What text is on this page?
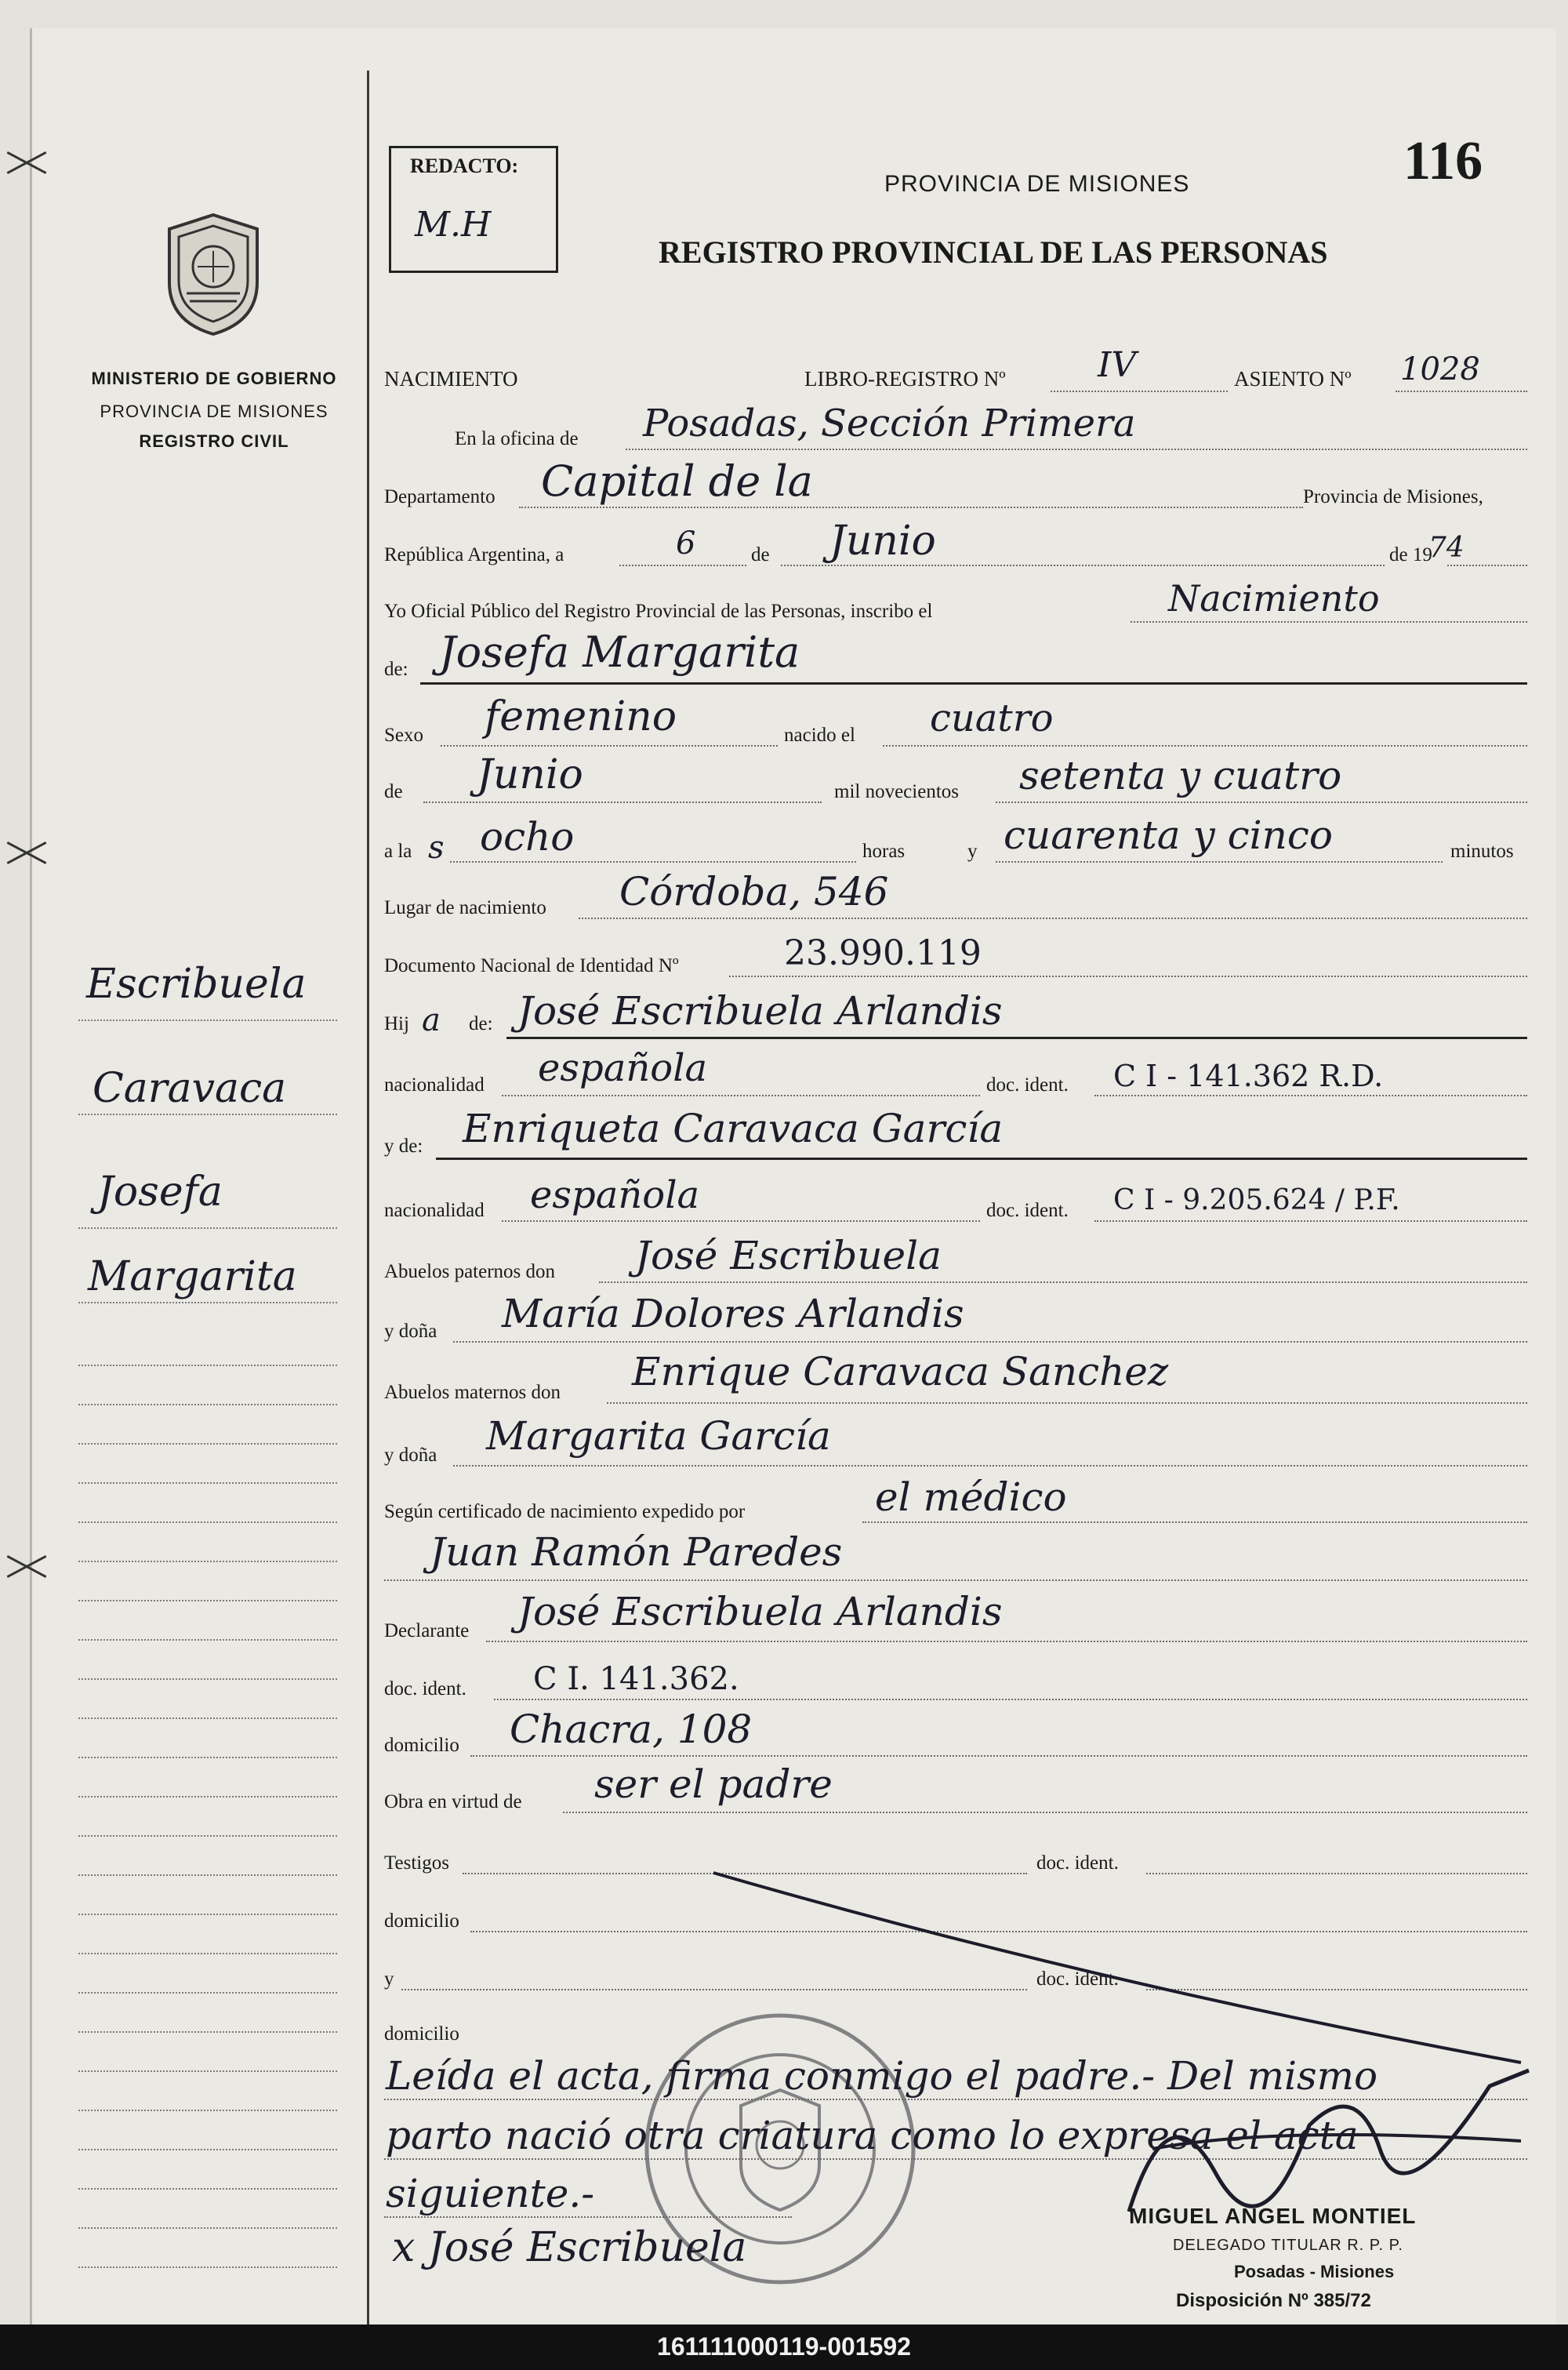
MINISTERIO DE GOBIERNO
PROVINCIA DE MISIONES
REGISTRO CIVIL
Escribuela
Caravaca
Josefa
Margarita
REDACTO:
M.H
PROVINCIA DE MISIONES
REGISTRO PROVINCIAL DE LAS PERSONAS
116
NACIMIENTO	LIBRO-REGISTRO Nº	IV	ASIENTO Nº 1028
En la oficina de Posadas, Sección Primera
Departamento Capital de la	Provincia de Misiones,
República Argentina, a	6	de Junio	de 19
74
Yo Oficial Público del Registro Provincial de las Personas, inscribo el	Nacimiento
de: Josefa Margarita
Sexo femenino	nacido el cuatro
de Junio	mil novecientos setenta y cuatro
a la s ocho	horas	y cuarenta y cinco	minutos
Lugar de nacimiento Córdoba, 546
Documento Nacional de Identidad Nº	23.990.119
Hij a de: José Escribuela Arlandis
nacionalidad española	doc. ident. C I - 141.362 R.D.
y de: Enriqueta Caravaca García
nacionalidad española	doc. ident. C I - 9.205.624 / P.F.
Abuelos paternos don José Escribuela
y doña María Dolores Arlandis
Abuelos maternos don Enrique Caravaca Sanchez
y doña Margarita García
Según certificado de nacimiento expedido por	el médico
Juan Ramón Paredes
Declarante José Escribuela Arlandis
doc. ident. C I. 141.362.
domicilio Chacra, 108
Obra en virtud de ser el padre
Testigos	doc. ident.
domicilio
y	doc. ident.
domicilio
Leída el acta, firma conmigo el padre.- Del mismo
parto nació otra criatura como lo expresa el acta
siguiente.-
x José Escribuela
MIGUEL ANGEL MONTIEL
DELEGADO TITULAR R. P. P.
Posadas - Misiones
Disposición Nº 385/72
161111000119-001592
